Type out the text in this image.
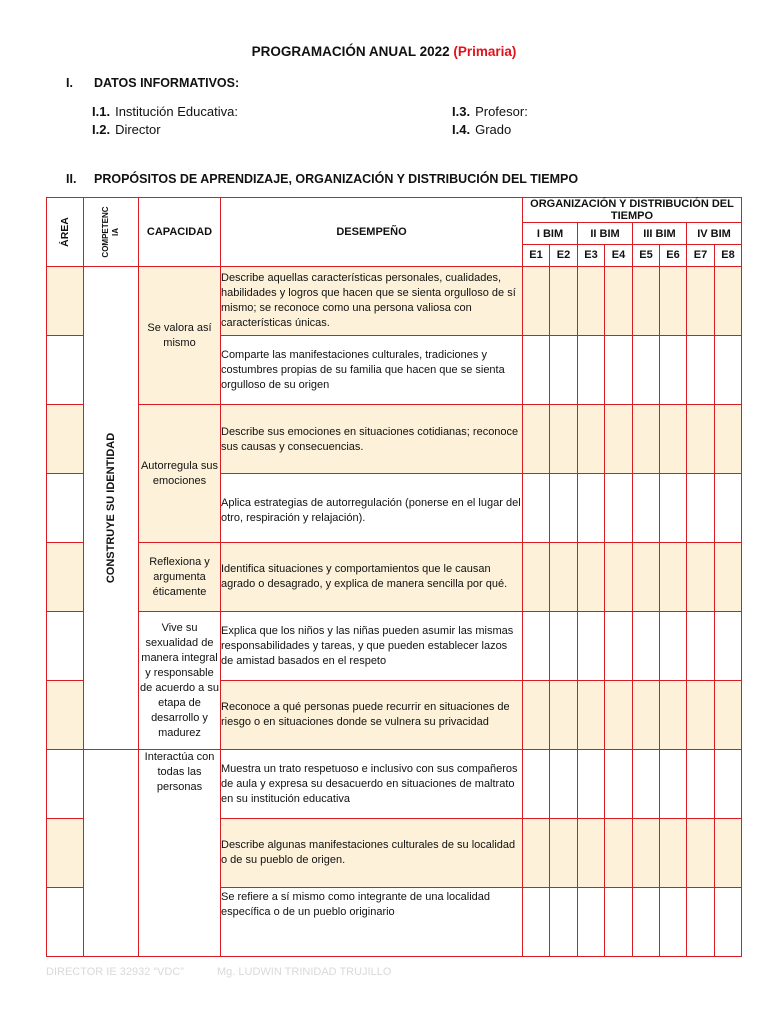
PROGRAMACIÓN ANUAL 2022 (Primaria)
I. DATOS INFORMATIVOS:
I.1. Institución Educativa:
I.2. Director
I.3. Profesor:
I.4. Grado
II. PROPÓSITOS DE APRENDIZAJE, ORGANIZACIÓN Y DISTRIBUCIÓN DEL TIEMPO
ÁREA	COMPETENC IA	CAPACIDAD	DESEMPEÑO	ORGANIZACIÓN Y DISTRIBUCIÓN DEL TIEMPO							
				I BIM		II BIM		III BIM		IV BIM	
				E1	E2	E3	E4	E5	E6	E7	E8

	CONSTRUYE SU IDENTIDAD	Se valora así mismo	Describe aquellas características personales, cualidades, habilidades y logros que hacen que se sienta orgulloso de sí mismo; se reconoce como una persona valiosa con características únicas.								
			Comparte las manifestaciones culturales, tradiciones y costumbres propias de su familia que hacen que se sienta orgulloso de su origen								
		Autorregula sus emociones	Describe sus emociones en situaciones cotidianas; reconoce sus causas y consecuencias.								
			Aplica estrategias de autorregulación (ponerse en el lugar del otro, respiración y relajación).								
		Reflexiona y argumenta éticamente	Identifica situaciones y comportamientos que le causan agrado o desagrado, y explica de manera sencilla por qué.								
		Vive su sexualidad de manera integral y responsable de acuerdo a su etapa de desarrollo y madurez	Explica que los niños y las niñas pueden asumir las mismas responsabilidades y tareas, y que pueden establecer lazos de amistad basados en el respeto								
			Reconoce a qué personas puede recurrir en situaciones de riesgo o en situaciones donde se vulnera su privacidad								
		Interactúa con todas las personas	Muestra un trato respetuoso e inclusivo con sus compañeros de aula y expresa su desacuerdo en situaciones de maltrato en su institución educativa								
			Describe algunas manifestaciones culturales de su localidad o de su pueblo de origen.								
			Se refiere a sí mismo como integrante de una localidad específica o de un pueblo originario								
DIRECTOR IE 32932 “VDC”	Mg. LUDWIN TRINIDAD TRUJILLO
